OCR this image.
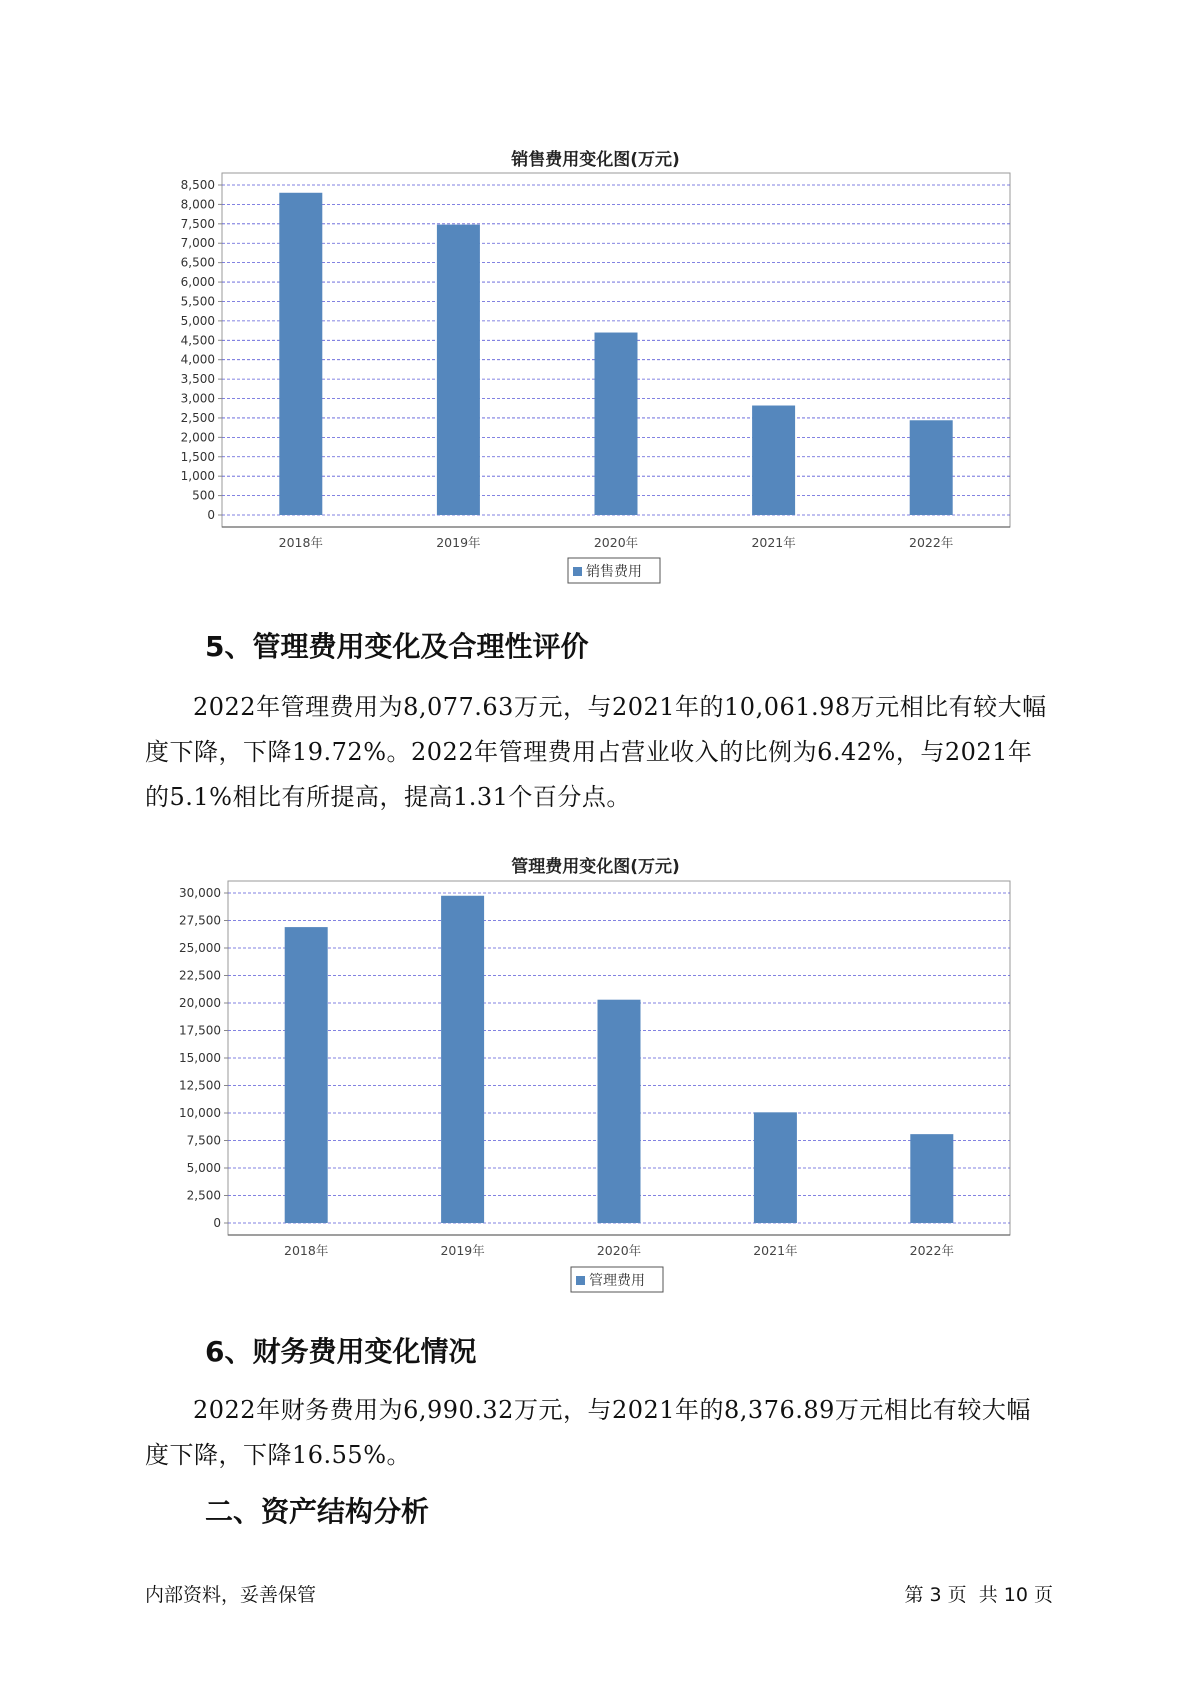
销售费用变化图(万元)
0
500
1,000
1,500
2,000
2,500
3,000
3,500
4,000
4,500
5,000
5,500
6,000
6,500
7,000
7,500
8,000
8,500
2018年	2019年	2020年	2021年	2022年
销售费用
5、管理费用变化及合理性评价

2022年管理费用为8,077.63万元，与2021年的10,061.98万元相比有较大幅度下降，下降19.72%。2022年管理费用占营业收入的比例为6.42%，与2021年的5.1%相比有所提高，提高1.31个百分点。

管理费用变化图(万元)
0
2,500
5,000
7,500
10,000
12,500
15,000
17,500
20,000
22,500
25,000
27,500
30,000
2018年	2019年	2020年	2021年	2022年
管理费用
6、财务费用变化情况

2022年财务费用为6,990.32万元，与2021年的8,376.89万元相比有较大幅度下降，下降16.55%。

二、资产结构分析
内部资料，妥善保管	第 3 页  共 10 页
